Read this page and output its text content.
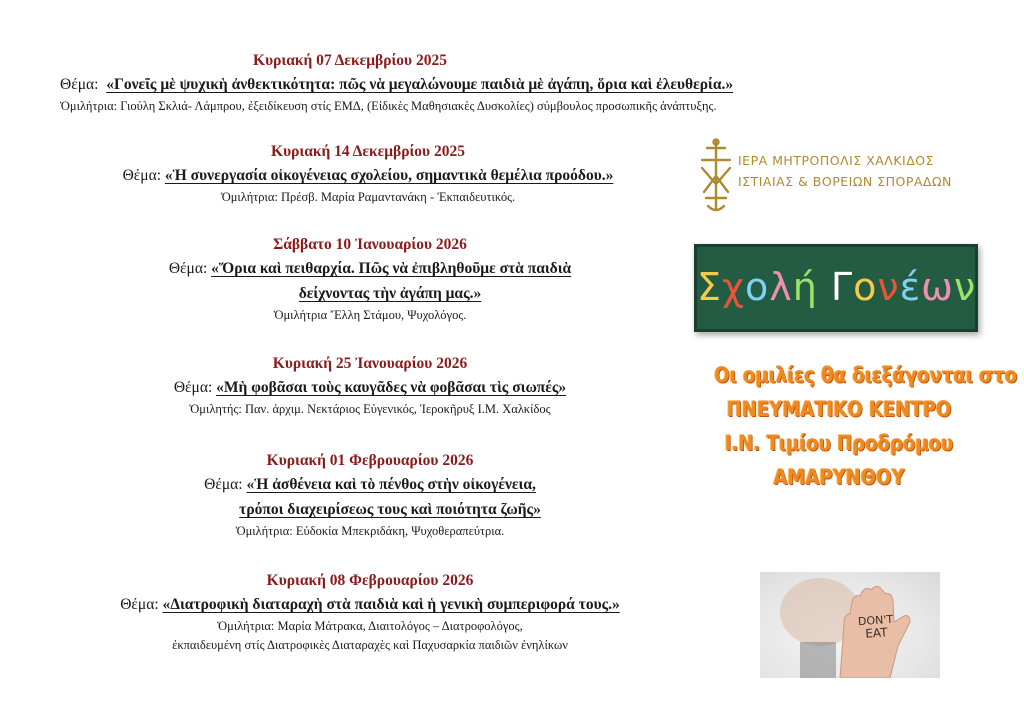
Κυριακή 07 Δεκεμβρίου 2025
Θέμα: «Γονεῖς μὲ ψυχικὴ ἀνθεκτικότητα: πῶς νὰ μεγαλώνουμε παιδιὰ μὲ ἀγάπη, ὅρια καὶ ἐλευθερία.»
Ὁμιλήτρια: Γιούλη Σκλιά- Λάμπρου, ἐξειδίκευση στίς ΕΜΔ, (Εἰδικὲς Μαθησιακὲς Δυσκολίες) σύμβουλος προσωπικῆς ἀνάπτυξης.
Κυριακή 14 Δεκεμβρίου 2025
Θέμα: «Ἡ συνεργασία οἰκογένειας σχολείου, σημαντικὰ θεμέλια προόδου.»
Ὁμιλήτρια: Πρέσβ. Μαρία Ραμαντανάκη - Ἐκπαιδευτικός.
Σάββατο 10 Ἰανουαρίου 2026
Θέμα: «Ὅρια καὶ πειθαρχία. Πῶς νὰ ἐπιβληθοῦμε στὰ παιδιὰ
δείχνοντας τὴν ἀγάπη μας.»
Ὁμιλήτρια Ἔλλη Στάμου, Ψυχολόγος.
Κυριακή 25 Ἰανουαρίου 2026
Θέμα: «Μὴ φοβᾶσαι τοὺς καυγᾶδες νὰ φοβᾶσαι τὶς σιωπές»
Ὁμιλητής: Παν. ἀρχιμ. Νεκτάριος Εὐγενικός, Ἱεροκῆρυξ Ι.Μ. Χαλκίδος
Κυριακή 01 Φεβρουαρίου 2026
Θέμα: «Ἡ ἀσθένεια καὶ τὸ πένθος στὴν οἰκογένεια,
τρόποι διαχειρίσεως τους καὶ ποιότητα ζωῆς»
Ὁμιλήτρια: Εὐδοκία Μπεκριδάκη, Ψυχοθεραπεύτρια.
Κυριακή 08 Φεβρουαρίου 2026
Θέμα: «Διατροφικὴ διαταραχὴ στὰ παιδιὰ καὶ ἡ γενικὴ συμπεριφορά τους.»
Ὁμιλήτρια: Μαρία Μάτρακα, Διαιτολόγος – Διατροφολόγος,
ἐκπαιδευμένη στίς Διατροφικὲς Διαταραχὲς καὶ Παχυσαρκία παιδιῶν ἐνηλίκων
ΙΕΡΑ ΜΗΤΡΟΠΟΛΙΣ ΧΑΛΚΙΔΟΣ
ΙΣΤΙΑΙΑΣ & ΒΟΡΕΙΩΝ ΣΠΟΡΑΔΩΝ
Σχολή Γονέων
Οι ομιλίες θα διεξάγονται στο
ΠΝΕΥΜΑΤΙΚΟ ΚΕΝΤΡΟ
Ι.Ν. Τιμίου Προδρόμου
ΑΜΑΡΥΝΘΟΥ
DON'T
EAT
